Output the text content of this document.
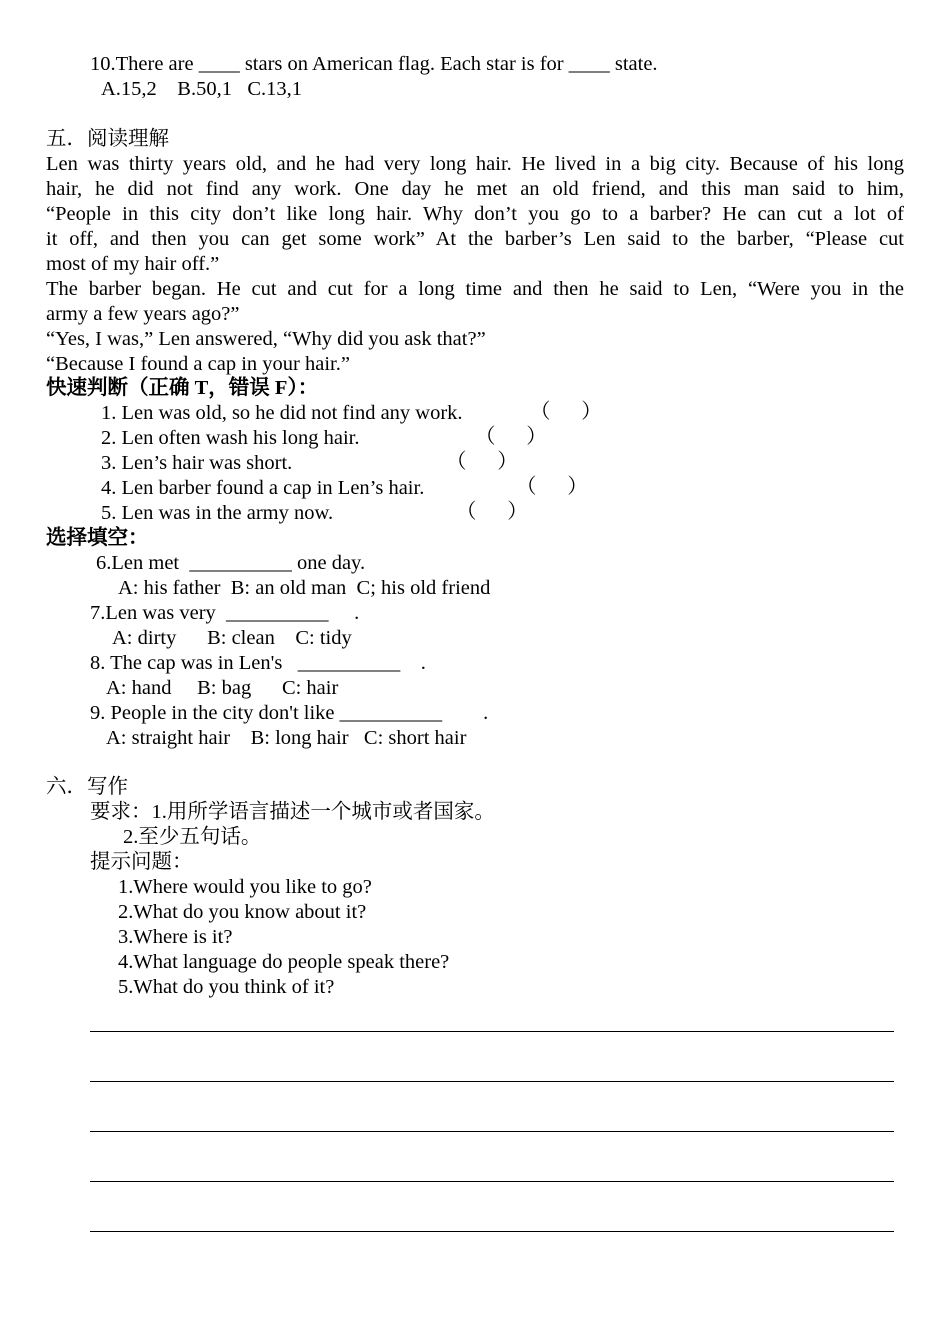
10.There are ____ stars on American flag. Each star is for ____ state.
A.15,2    B.50,1   C.13,1
五．阅读理解
Len was thirty years old, and he had very long hair. He lived in a big city. Because of his long
hair, he did not find any work. One day he met an old friend, and this man said to him,
“People in this city don’t like long hair. Why don’t you go to a barber? He can cut a lot of
it off, and then you can get some work” At the barber’s Len said to the barber, “Please cut
most of my hair off.”
The barber began. He cut and cut for a long time and then he said to Len, “Were you in the
army a few years ago?”
“Yes, I was,” Len answered, “Why did you ask that?”
“Because I found a cap in your hair.”
快速判断（正确 T，错误 F）：
1. Len was old, so he did not find any work.	（      ）
2. Len often wash his long hair.	（      ）
3. Len’s hair was short.	（      ）
4. Len barber found a cap in Len’s hair.	（      ）
5. Len was in the army now.	（      ）
选择填空：
6.Len met  __________ one day.
A: his father  B: an old man  C; his old friend
7.Len was very  __________     .
A: dirty      B: clean    C: tidy
8. The cap was in Len's   __________    .
A: hand     B: bag      C: hair
9. People in the city don't like __________        .
A: straight hair    B: long hair   C: short hair
六．写作
要求：1.用所学语言描述一个城市或者国家。
2.至少五句话。
提示问题：
1.Where would you like to go?
2.What do you know about it?
3.Where is it?
4.What language do people speak there?
5.What do you think of it?
